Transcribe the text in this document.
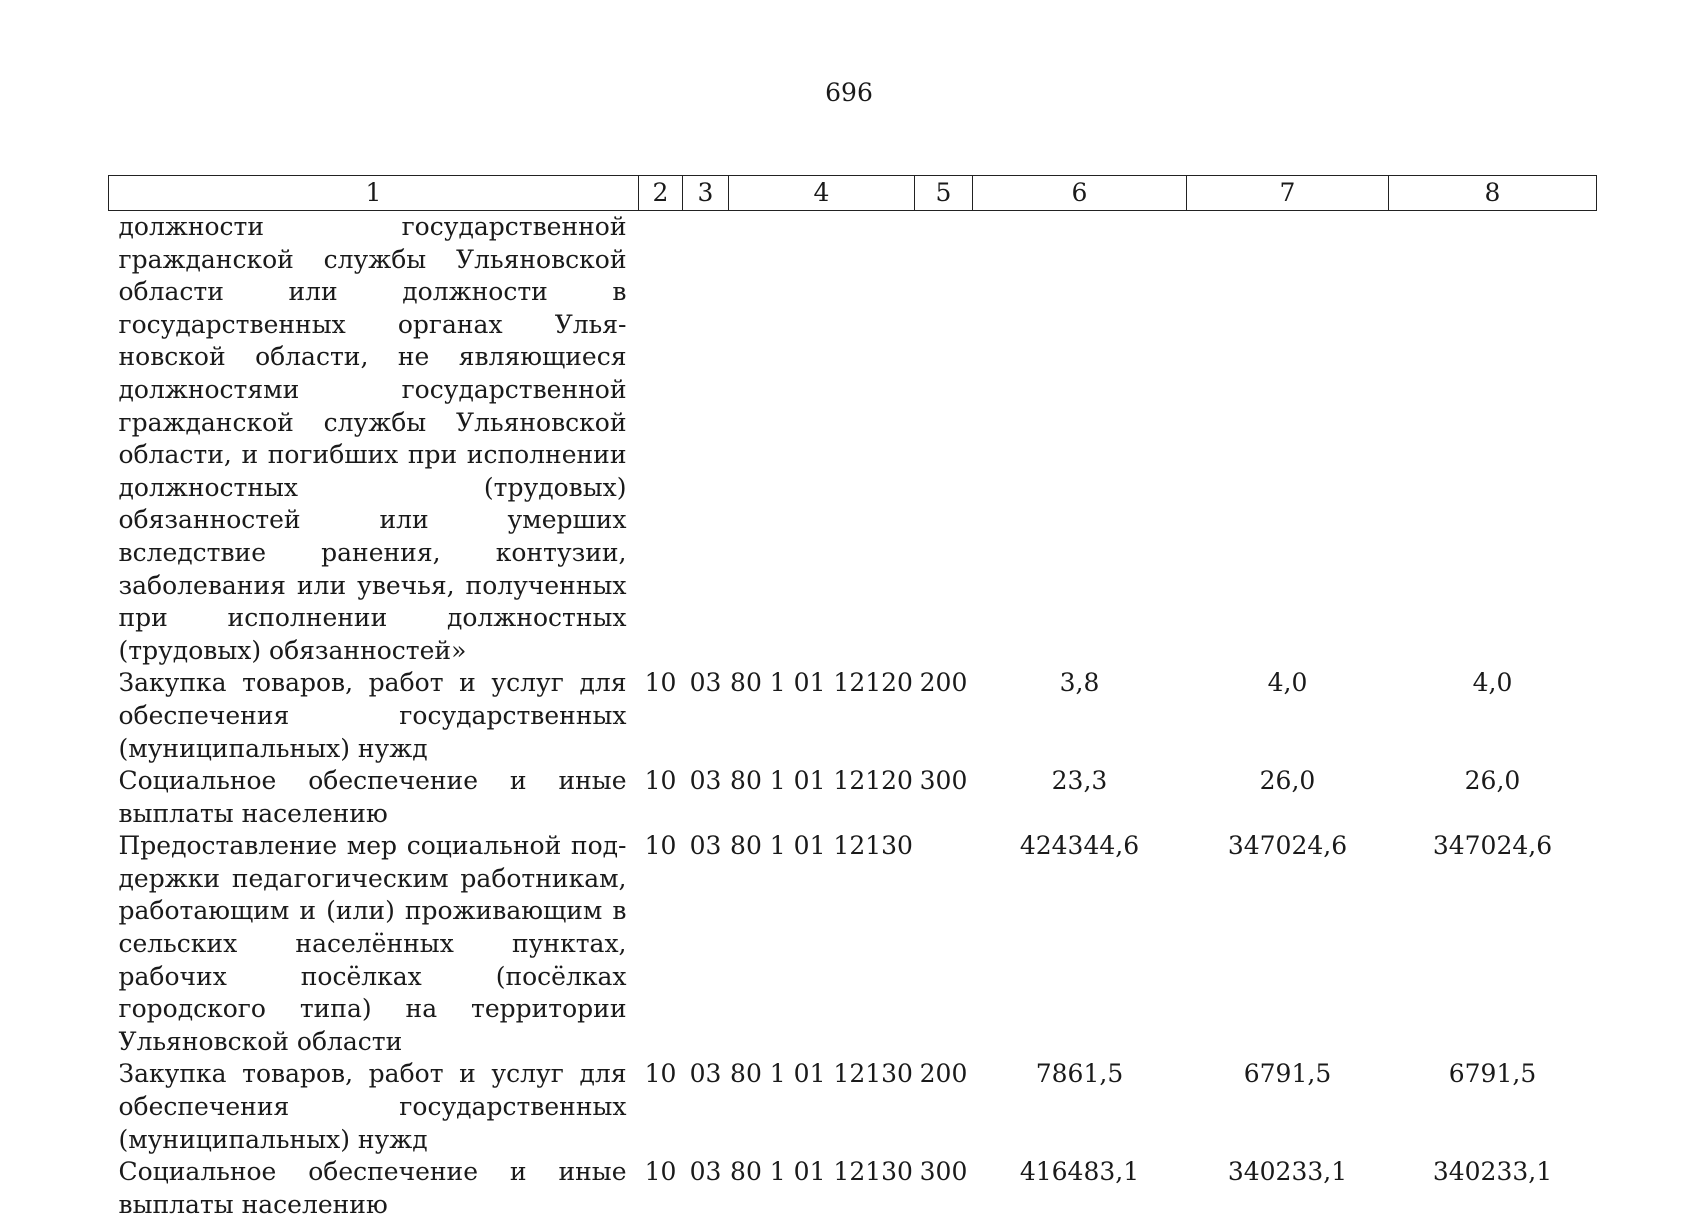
696
1	2	3	4	5	6	7	8
должности государственной гражданской службы Ульяновской области или должности в государственных органах Ульяновской области, не являющиеся должностями государственной гражданской службы Ульяновской области, и погибших при исполнении должностных (трудовых) обязанностей или умерших вследствие ранения, контузии, заболевания или увечья, полученных при исполнении должностных (трудовых) обязанностей»							
Закупка товаров, работ и услуг для обеспечения государственных (муниципальных) нужд	10	03	80 1 01 12120	200	3,8	4,0	4,0
Социальное обеспечение и иные выплаты населению	10	03	80 1 01 12120	300	23,3	26,0	26,0
Предоставление мер социальной поддержки педагогическим работникам, работающим и (или) проживающим в сельских населённых пунктах, рабочих посёлках (посёлках городского типа) на территории Ульяновской области	10	03	80 1 01 12130		424344,6	347024,6	347024,6
Закупка товаров, работ и услуг для обеспечения государственных (муниципальных) нужд	10	03	80 1 01 12130	200	7861,5	6791,5	6791,5
Социальное обеспечение и иные выплаты населению	10	03	80 1 01 12130	300	416483,1	340233,1	340233,1
